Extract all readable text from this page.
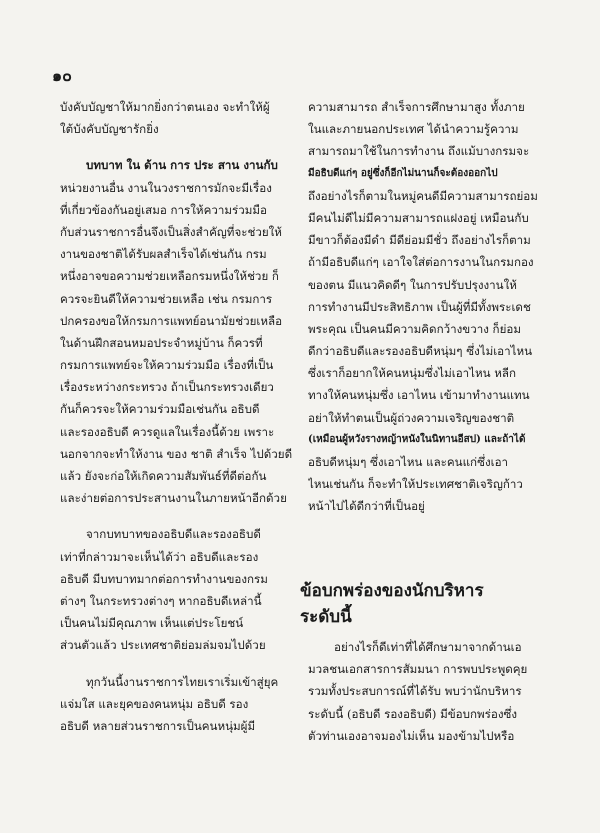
๑๐
บังคับบัญชาให้มากยิ่งกว่าตนเอง จะทำให้ผู้
ใต้บังคับบัญชารักยิ่ง
บทบาท ใน ด้าน การ ประ สาน งานกับ
หน่วยงานอื่น งานในวงราชการมักจะมีเรื่อง
ที่เกี่ยวข้องกันอยู่เสมอ การให้ความร่วมมือ
กับส่วนราชการอื่นจึงเป็นสิ่งสำคัญที่จะช่วยให้
งานของชาติได้รับผลสำเร็จได้เช่นกัน กรม
หนึ่งอาจขอความช่วยเหลือกรมหนึ่งให้ช่วย ก็
ควรจะยินดีให้ความช่วยเหลือ เช่น กรมการ
ปกครองขอให้กรมการแพทย์อนามัยช่วยเหลือ
ในด้านฝึกสอนหมอประจำหมู่บ้าน ก็ควรที่
กรมการแพทย์จะให้ความร่วมมือ เรื่องที่เป็น
เรื่องระหว่างกระทรวง ถ้าเป็นกระทรวงเดียว
กันก็ควรจะให้ความร่วมมือเช่นกัน อธิบดี
และรองอธิบดี ควรดูแลในเรื่องนี้ด้วย เพราะ
นอกจากจะทำให้งาน ของ ชาติ สำเร็จ ไปด้วยดี
แล้ว ยังจะก่อให้เกิดความสัมพันธ์ที่ดีต่อกัน
และง่ายต่อการประสานงานในภายหน้าอีกด้วย
จากบทบาทของอธิบดีและรองอธิบดี
เท่าที่กล่าวมาจะเห็นได้ว่า อธิบดีและรอง
อธิบดี มีบทบาทมากต่อการทำงานของกรม
ต่างๆ ในกระทรวงต่างๆ หากอธิบดีเหล่านี้
เป็นคนไม่มีคุณภาพ เห็นแต่ประโยชน์
ส่วนตัวแล้ว ประเทศชาติย่อมล่มจมไปด้วย
ทุกวันนี้งานราชการไทยเราเริ่มเข้าสู่ยุค
แจ่มใส และยุคของคนหนุ่ม อธิบดี รอง
อธิบดี หลายส่วนราชการเป็นคนหนุ่มผู้มี
ความสามารถ สำเร็จการศึกษามาสูง ทั้งภาย
ในและภายนอกประเทศ ได้นำความรู้ความ
สามารถมาใช้ในการทำงาน ถึงแม้บางกรมจะ
มีอธิบดีแก่ๆ อยู่ซึ่งก็อีกไม่นานก็จะต้องออกไป
ถึงอย่างไรก็ตามในหมู่คนดีมีความสามารถย่อม
มีคนไม่ดีไม่มีความสามารถแฝงอยู่ เหมือนกับ
มีขาวก็ต้องมีดำ มีดีย่อมมีชั่ว ถึงอย่างไรก็ตาม
ถ้ามีอธิบดีแก่ๆ เอาใจใส่ต่อการงานในกรมกอง
ของตน มีแนวคิดดีๆ ในการปรับปรุงงานให้
การทำงานมีประสิทธิภาพ เป็นผู้ที่มีทั้งพระเดช
พระคุณ เป็นคนมีความคิดกว้างขวาง ก็ย่อม
ดีกว่าอธิบดีและรองอธิบดีหนุ่มๆ ซึ่งไม่เอาไหน
ซึ่งเราก็อยากให้คนหนุ่มซึ่งไม่เอาไหน หลีก
ทางให้คนหนุ่มซึ่ง เอาไหน เข้ามาทำงานแทน
อย่าให้ทำตนเป็นผู้ถ่วงความเจริญของชาติ
(เหมือนผู้หวังรางหญ้าหนังในนิทานอีสป) และถ้าได้
อธิบดีหนุ่มๆ ซึ่งเอาไหน และคนแก่ซึ่งเอา
ไหนเช่นกัน ก็จะทำให้ประเทศชาติเจริญก้าว
หน้าไปได้ดีกว่าที่เป็นอยู่
ข้อบกพร่องของนักบริหาร
ระดับนี้
อย่างไรก็ดีเท่าที่ได้ศึกษามาจากด้านเอ
มวลชนเอกสารการสัมมนา การพบประพูดคุย
รวมทั้งประสบการณ์ที่ได้รับ พบว่านักบริหาร
ระดับนี้ (อธิบดี รองอธิบดี) มีข้อบกพร่องซึ่ง
ตัวท่านเองอาจมองไม่เห็น มองข้ามไปหรือ
